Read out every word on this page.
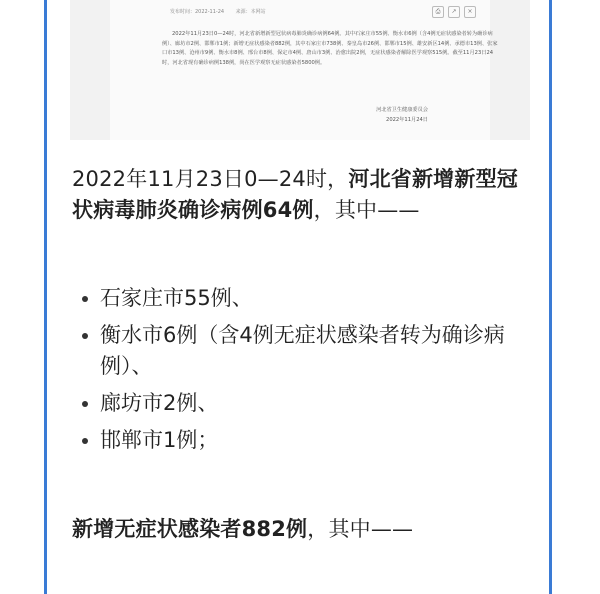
发布时间：2022-11-24 来源：本网站	⎙	↗	×
2022年11月23日0—24时，河北省新增新型冠状病毒肺炎确诊病例64例。其中石家庄市55例、衡水市6例（含4例无症状感染者转为确诊病例）、廊坊市2例、邯郸市1例；新增无症状感染者882例，其中石家庄市738例、秦皇岛市26例、邯郸市15例、雄安新区14例、承德市13例、张家口市13例、沧州市9例、衡水市8例、邢台市8例、保定市4例、唐山市3例、治愈出院2例，无症状感染者解除医学观察515例。截至11月23日24时，河北省现有确诊病例138例，尚在医学观察无症状感染者5800例。
河北省卫生健康委员会
2022年11月24日
2022年11月23日0—24时，河北省新增新型冠状病毒肺炎确诊病例64例，其中——
石家庄市55例、
衡水市6例（含4例无症状感染者转为确诊病例）、
廊坊市2例、
邯郸市1例；
新增无症状感染者882例，其中——
